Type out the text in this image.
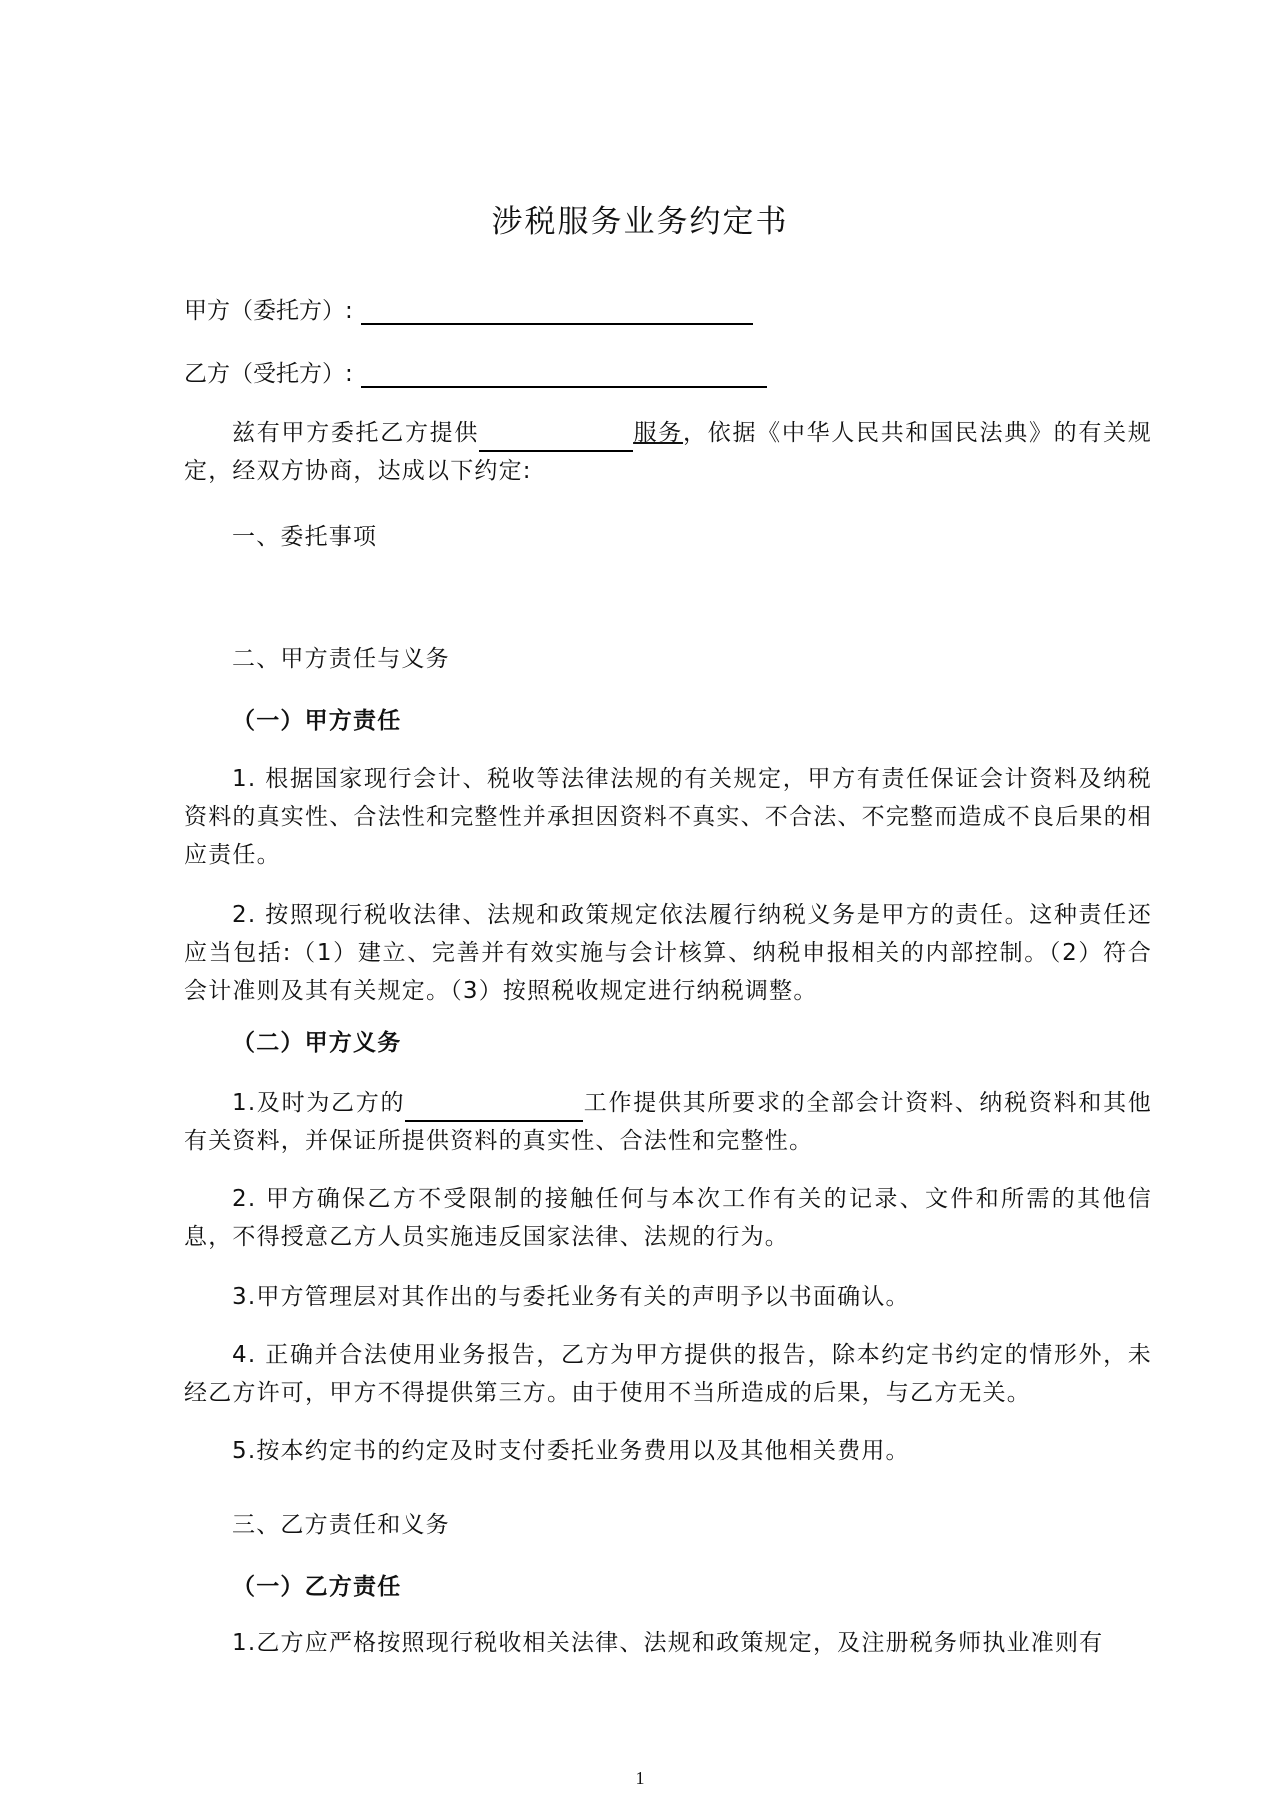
涉税服务业务约定书
甲方（委托方）:
乙方（受托方）:
兹有甲方委托乙方提供	服务，依据《中华人民共和国民法典》的有关规定，经双方协商，达成以下约定:
一、委托事项
二、甲方责任与义务
（一）甲方责任
1. 根据国家现行会计、税收等法律法规的有关规定，甲方有责任保证会计资料及纳税资料的真实性、合法性和完整性并承担因资料不真实、不合法、不完整而造成不良后果的相应责任。
2. 按照现行税收法律、法规和政策规定依法履行纳税义务是甲方的责任。这种责任还应当包括:（1）建立、完善并有效实施与会计核算、纳税申报相关的内部控制。（2）符合会计准则及其有关规定。（3）按照税收规定进行纳税调整。
（二）甲方义务
1.及时为乙方的	工作提供其所要求的全部会计资料、纳税资料和其他有关资料，并保证所提供资料的真实性、合法性和完整性。
2. 甲方确保乙方不受限制的接触任何与本次工作有关的记录、文件和所需的其他信息，不得授意乙方人员实施违反国家法律、法规的行为。
3.甲方管理层对其作出的与委托业务有关的声明予以书面确认。
4. 正确并合法使用业务报告，乙方为甲方提供的报告，除本约定书约定的情形外，未经乙方许可，甲方不得提供第三方。由于使用不当所造成的后果，与乙方无关。
5.按本约定书的约定及时支付委托业务费用以及其他相关费用。
三、乙方责任和义务
（一）乙方责任
1.乙方应严格按照现行税收相关法律、法规和政策规定，及注册税务师执业准则有
1
